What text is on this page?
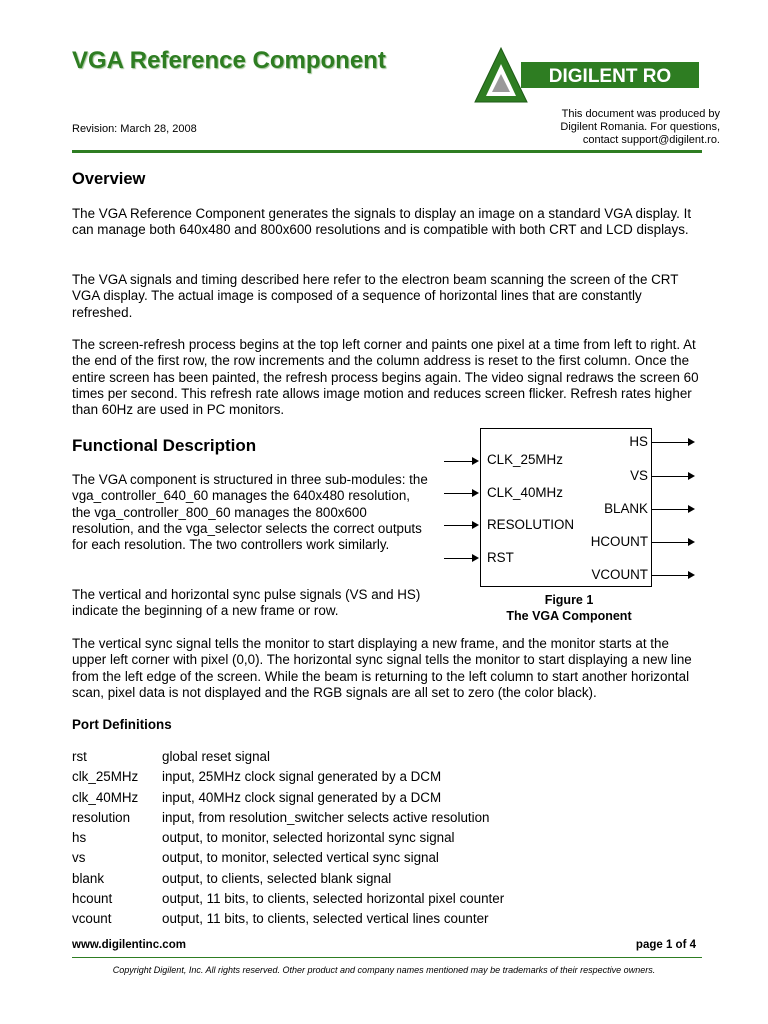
VGA Reference Component
Revision: March 28, 2008
DIGILENT RO
This document was produced by
Digilent Romania. For questions,
contact support@digilent.ro.
Overview

The VGA Reference Component generates the signals to display an image on a standard VGA display. It can manage both 640x480 and 800x600 resolutions and is compatible with both CRT and LCD displays.

The VGA signals and timing described here refer to the electron beam scanning the screen of the CRT VGA display. The actual image is composed of a sequence of horizontal lines that are constantly refreshed.

The screen-refresh process begins at the top left corner and paints one pixel at a time from left to right. At the end of the first row, the row increments and the column address is reset to the first column. Once the entire screen has been painted, the refresh process begins again. The video signal redraws the screen 60 times per second. This refresh rate allows image motion and reduces screen flicker. Refresh rates higher than 60Hz are used in PC monitors.

Functional Description

The VGA component is structured in three sub-modules: the vga_controller_640_60 manages the 640x480 resolution, the vga_controller_800_60 manages the 800x600 resolution, and the vga_selector selects the correct outputs for each resolution. The two controllers work similarly.

The vertical and horizontal sync pulse signals (VS and HS) indicate the beginning of a new frame or row.

The vertical sync signal tells the monitor to start displaying a new frame, and the monitor starts at the upper left corner with pixel (0,0). The horizontal sync signal tells the monitor to start displaying a new line from the left edge of the screen. While the beam is returning to the left column to start another horizontal scan, pixel data is not displayed and the RGB signals are all set to zero (the color black).

CLK_25MHz
CLK_40MHz
RESOLUTION
RST
HS
VS
BLANK
HCOUNT
VCOUNT
Figure 1
The VGA Component
Port Definitions
rst	global reset signal
clk_25MHz input, 25MHz clock signal generated by a DCM
clk_40MHz input, 40MHz clock signal generated by a DCM
resolution input, from resolution_switcher selects active resolution
hs	output, to monitor, selected horizontal sync signal
vs	output, to monitor, selected vertical sync signal
blank	output, to clients, selected blank signal
hcount	output, 11 bits, to clients, selected horizontal pixel counter
vcount	output, 11 bits, to clients, selected vertical lines counter
www.digilentinc.com	page 1 of 4
Copyright Digilent, Inc. All rights reserved. Other product and company names mentioned may be trademarks of their respective owners.
